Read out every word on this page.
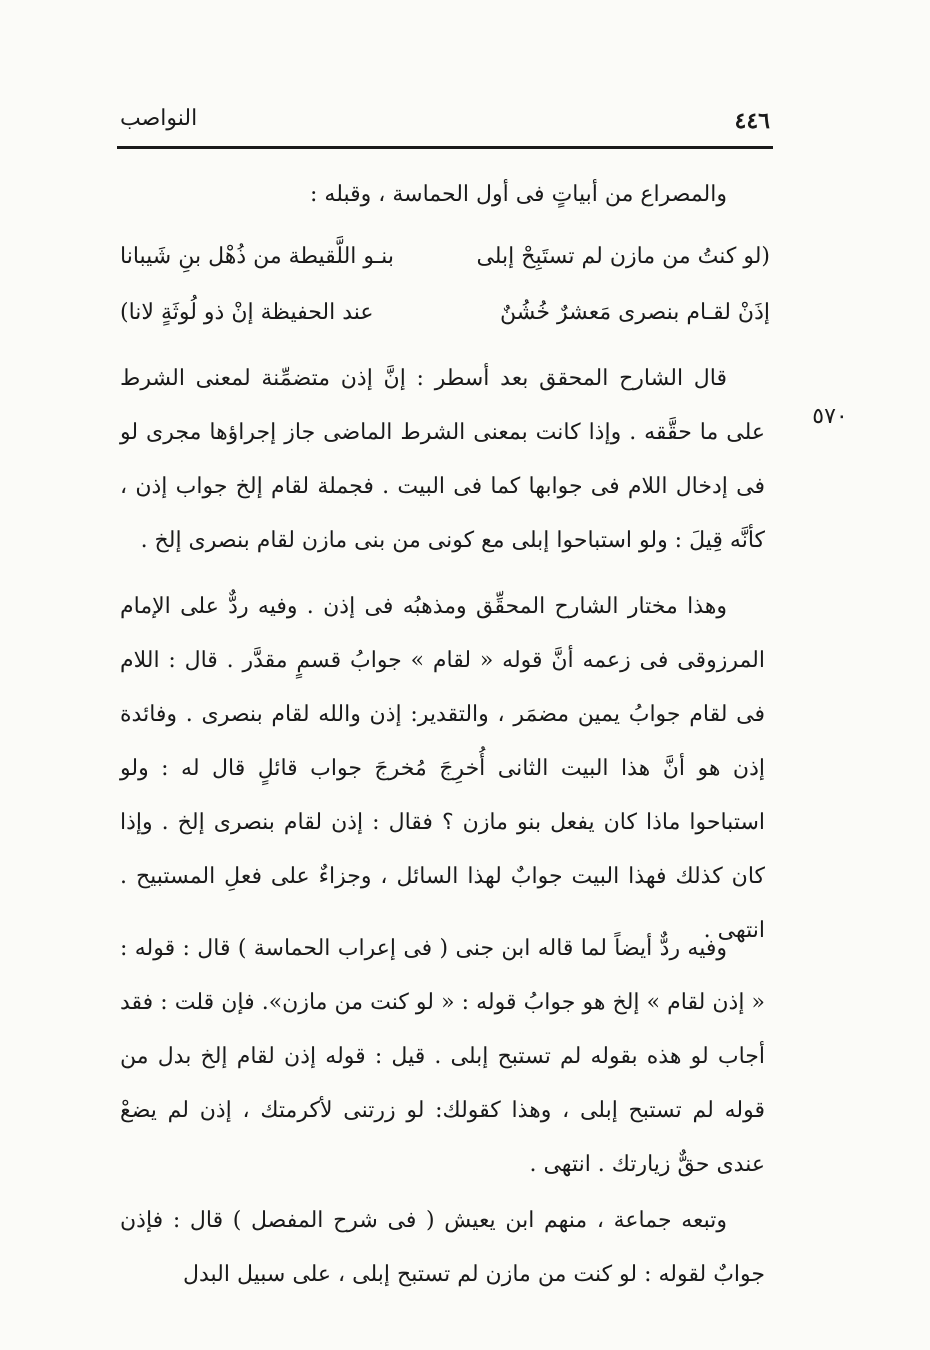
النواصب	٤٤٦

والمصراع من أبياتٍ فى أول الحماسة ، وقبله :

(لو كنتُ من مازن لم تستَبِحْ إبلى
بنـو اللَّقيطة من ذُهْل بنِ شَيبانا
إذَنْ لقـام بنصرى مَعشرٌ خُشُنٌ
عند الحفيظة إنْ ذو لُوثَةٍ لانا)
٥٧٠

قال الشارح المحقق بعد أسطر : إنَّ إذن متضمِّنة لمعنى الشرط على ما حقَّقه . وإذا كانت بمعنى الشرط الماضى جاز إجراؤها مجرى لو فى إدخال اللام فى جوابها كما فى البيت . فجملة لقام إلخ جواب إذن ، كأنَّه قِيلَ : ولو استباحوا إبلى مع كونى من بنى مازن لقام بنصرى إلخ .

وهذا مختار الشارح المحقِّق ومذهبُه فى إذن . وفيه ردٌّ على الإمام المرزوقى فى زعمه أنَّ قوله « لقام » جوابُ قسمٍ مقدَّر . قال : اللام فى لقام جوابُ يمين مضمَر ، والتقدير: إذن والله لقام بنصرى . وفائدة إذن هو أنَّ هذا البيت الثانى أُخرِجَ مُخرجَ جواب قائلٍ قال له : ولو استباحوا ماذا كان يفعل بنو مازن ؟ فقال : إذن لقام بنصرى إلخ . وإذا كان كذلك فهذا البيت جوابٌ لهذا السائل ، وجزاءٌ على فعلِ المستبيح . انتهى .

وفيه ردٌّ أيضاً لما قاله ابن جنى ( فى إعراب الحماسة ) قال : قوله : « إذن لقام » إلخ هو جوابُ قوله : « لو كنت من مازن». فإن قلت : فقد أجاب لو هذه بقوله لم تستبح إبلى . قيل : قوله إذن لقام إلخ بدل من قوله لم تستبح إبلى ، وهذا كقولك: لو زرتنى لأكرمتك ، إذن لم يضعْ عندى حقٌّ زيارتك . انتهى .

وتبعه جماعة ، منهم ابن يعيش ( فى شرح المفصل ) قال : فإذن جوابٌ لقوله : لو كنت من مازن لم تستبح إبلى ، على سبيل البدل
